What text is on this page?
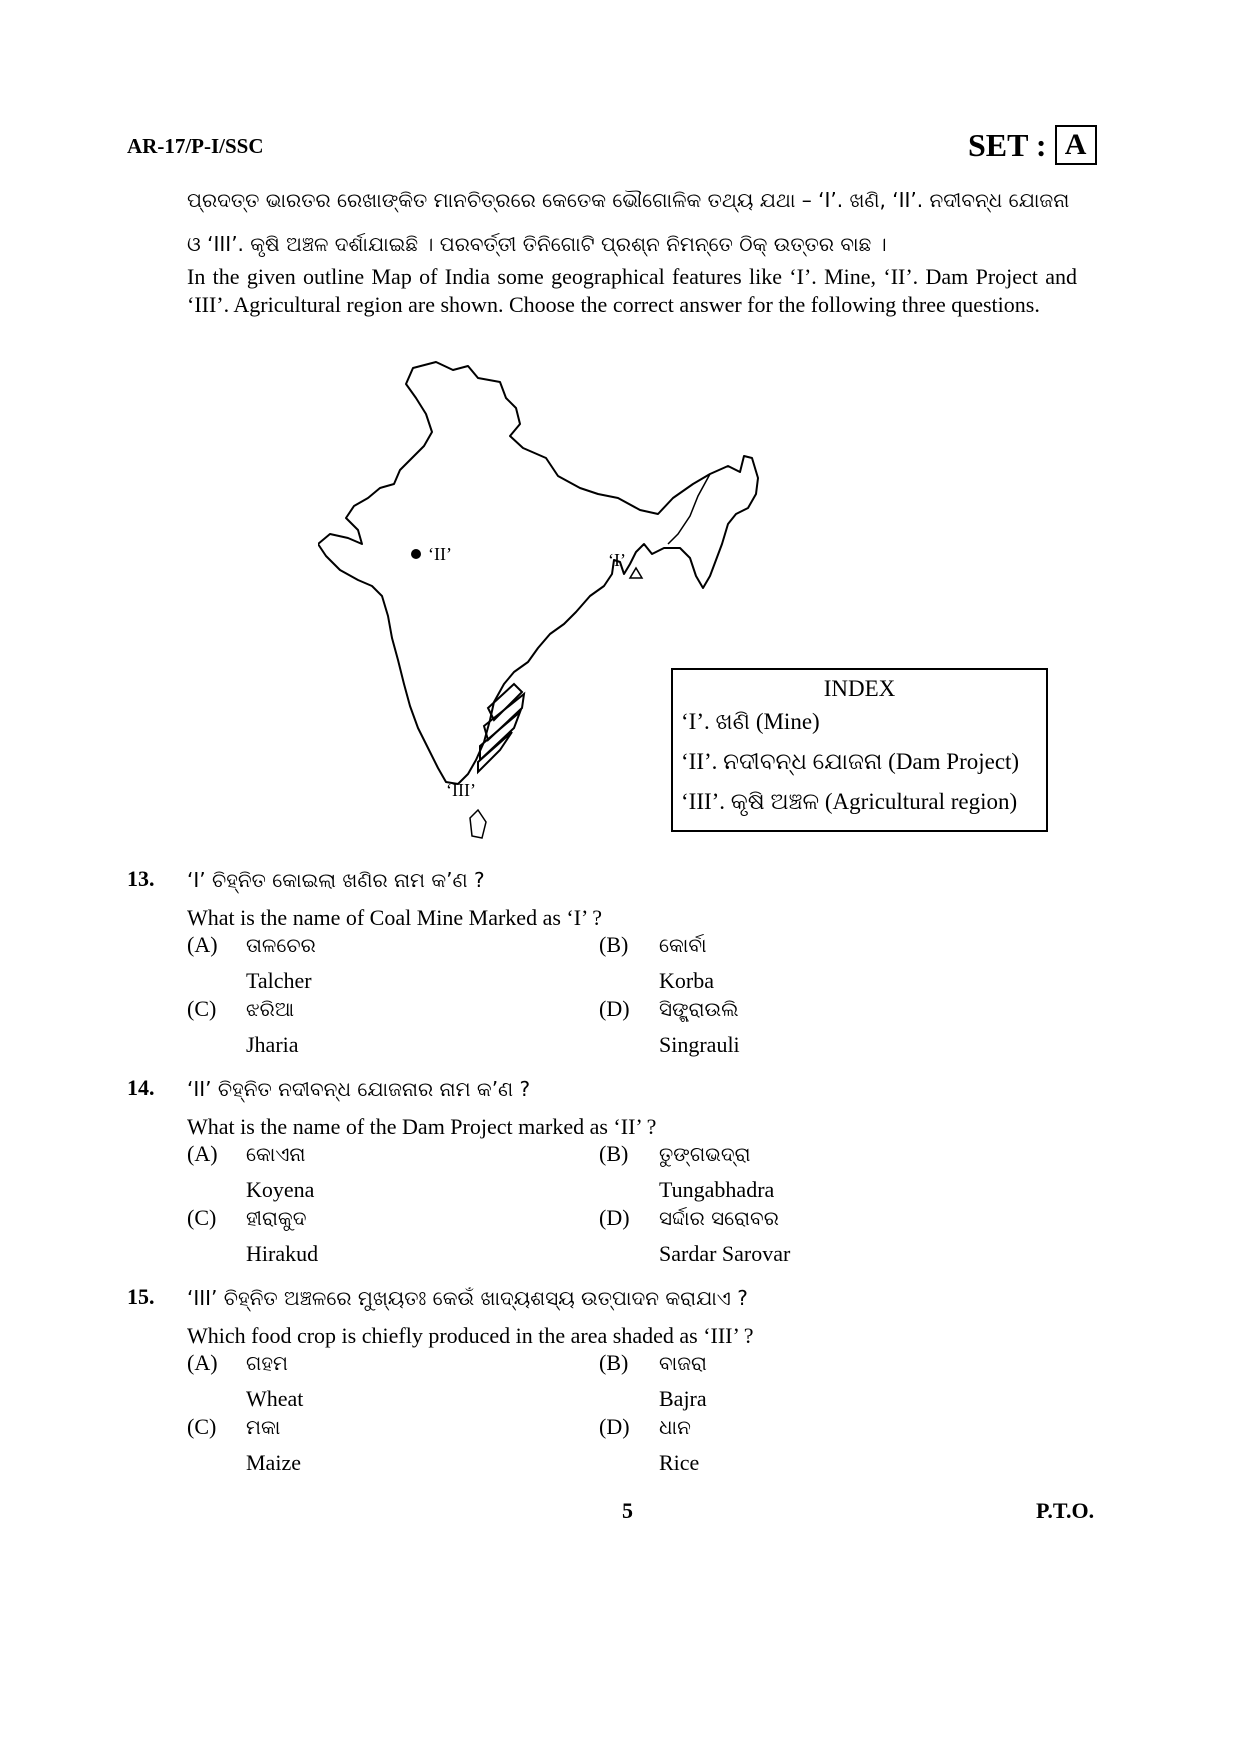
AR-17/P-I/SSC	SET : A
ପ୍ରଦତ୍ତ ଭାରତର ରେଖାଙ୍କିତ ମାନଚିତ୍ରରେ କେତେକ ଭୌଗୋଳିକ ତଥ୍ୟ ଯଥା – ‘I’. ଖଣି, ‘II’. ନଦୀବନ୍ଧ ଯୋଜନା ଓ ‘III’. କୃଷି ଅଞ୍ଚଳ ଦର୍ଶାଯାଇଛି । ପରବର୍ତ୍ତୀ ତିନିଗୋଟି ପ୍ରଶ୍ନ ନିମନ୍ତେ ଠିକ୍ ଉତ୍ତର ବାଛ ।
In the given outline Map of India some geographical features like ‘I’. Mine, ‘II’. Dam Project and ‘III’. Agricultural region are shown. Choose the correct answer for the following three questions.
‘II’	‘I’
‘III’
INDEX
‘I’. ଖଣି (Mine)
‘II’. ନଦୀବନ୍ଧ ଯୋଜନା (Dam Project)
‘III’. କୃଷି ଅଞ୍ଚଳ (Agricultural region)
13. ‘I’ ଚିହ୍ନିତ କୋଇଲା ଖଣିର ନାମ କ’ଣ ?
What is the name of Coal Mine Marked as ‘I’ ?
(A) ତାଳଚେର
Talcher
(B) କୋର୍ବା
Korba
(C) ଝରିଆ
Jharia
(D) ସିଙ୍ଗ୍ରାଉଲି
Singrauli
14. ‘II’ ଚିହ୍ନିତ ନଦୀବନ୍ଧ ଯୋଜନାର ନାମ କ’ଣ ?
What is the name of the Dam Project marked as ‘II’ ?
(A) କୋଏନା
Koyena
(B) ତୁଙ୍ଗଭଦ୍ରା
Tungabhadra
(C) ହୀରାକୁଦ
Hirakud
(D) ସର୍ଦ୍ଦାର ସରୋବର
Sardar Sarovar
15. ‘III’ ଚିହ୍ନିତ ଅଞ୍ଚଳରେ ମୁଖ୍ୟତଃ କେଉଁ ଖାଦ୍ୟଶସ୍ୟ ଉତ୍ପାଦନ କରାଯାଏ ?
Which food crop is chiefly produced in the area shaded as ‘III’ ?
(A) ଗହମ
Wheat
(B) ବାଜରା
Bajra
(C) ମକା
Maize
(D) ଧାନ
Rice
5	P.T.O.
